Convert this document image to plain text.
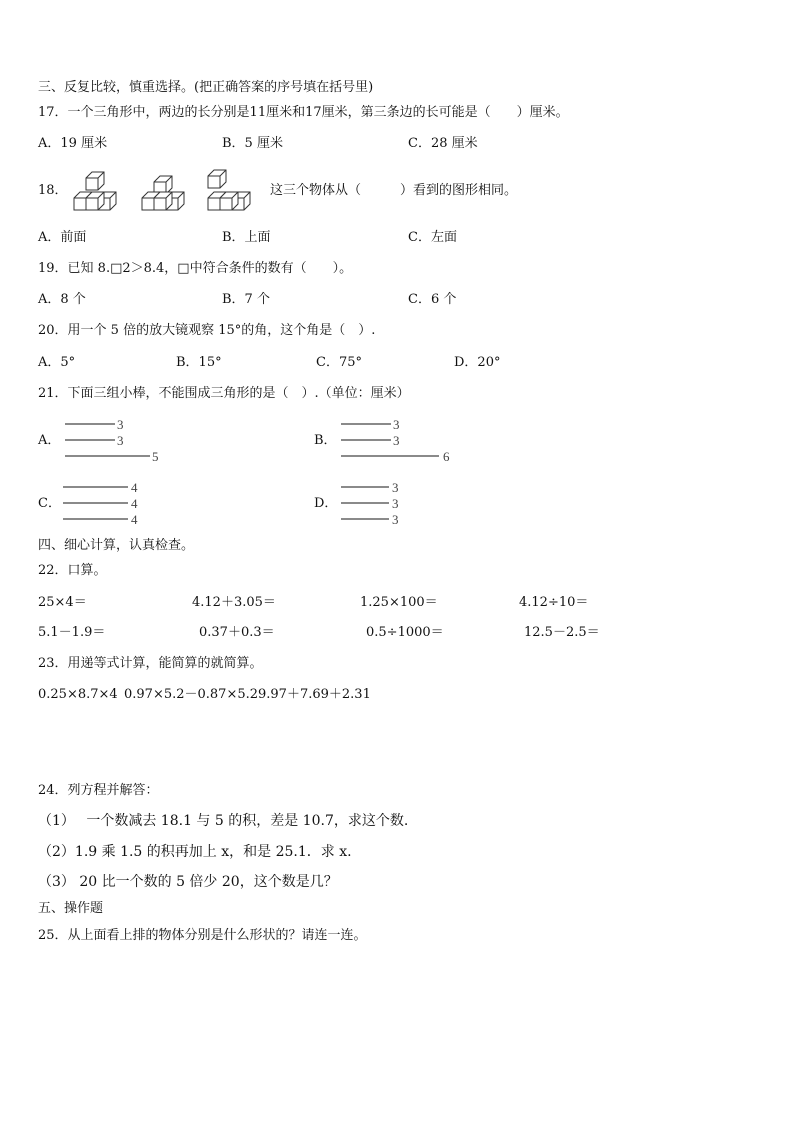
三、反复比较，慎重选择。(把正确答案的序号填在括号里)
17．一个三角形中，两边的长分别是11厘米和17厘米，第三条边的长可能是（　　）厘米。
A．19 厘米	B．5 厘米	C．28 厘米
18．	这三个物体从（　　　）看到的图形相同。
A．前面	B．上面	C．左面
19．已知 8.□2＞8.4，□中符合条件的数有（　　）。
A．8 个	B．7 个	C．6 个
20．用一个 5 倍的放大镜观察 15°的角，这个角是（　）.
A．5°	B．15°	C．75°	D．20°
21．下面三组小棒，不能围成三角形的是（　）.（单位：厘米）
A．
3
3
5
B．
3
3
6
C．
4
4
4
D．
3
3
3
四、细心计算，认真检查。
22．口算。
25×4＝	4.12＋3.05＝	1.25×100＝	4.12÷10＝
5.1－1.9＝	0.37＋0.3＝	0.5÷1000＝	12.5－2.5＝
23．用递等式计算，能简算的就简算。
0.25×8.7×4 0.97×5.2－0.87×5.2 9.97＋7.69＋2.31
24．列方程并解答：
（1）　 一个数减去 18.1 与 5 的积，差是 10.7，求这个数.
（2）1.9 乘 1.5 的积再加上 x，和是 25.1．求 x.
（3） 20 比一个数的 5 倍少 20，这个数是几？
五、操作题
25．从上面看上排的物体分别是什么形状的？请连一连。
